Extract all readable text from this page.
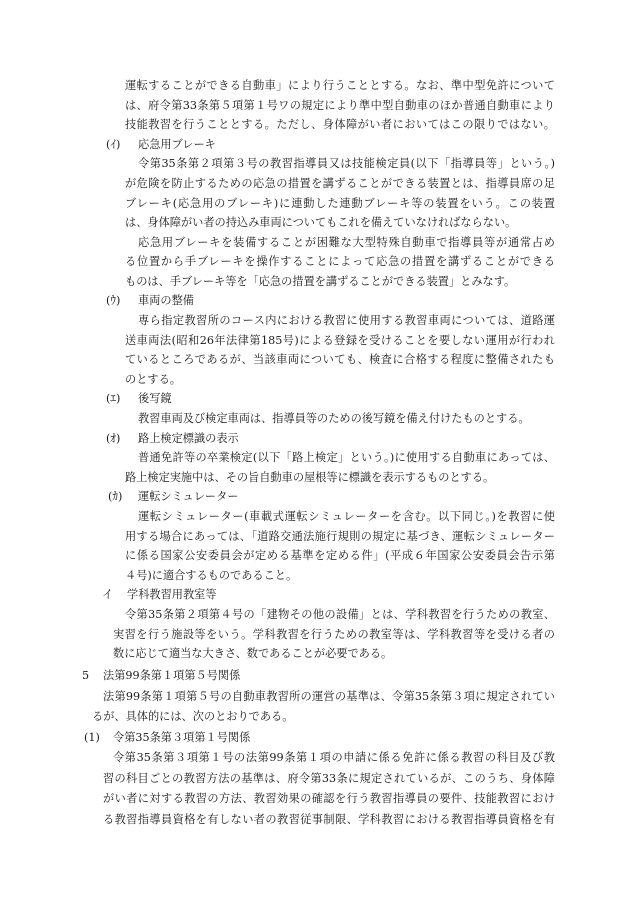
運転することができる自動車」により行うこととする。なお、準中型免許について
は、府令第33条第５項第１号ワの規定により準中型自動車のほか普通自動車により
技能教習を行うこととする。ただし、身体障がい者においてはこの限りではない。
(ｲ) 応急用ブレーキ
令第35条第２項第３号の教習指導員又は技能検定員(以下「指導員等」という。)
が危険を防止するための応急の措置を講ずることができる装置とは、指導員席の足
ブレーキ(応急用のブレーキ)に連動した連動ブレーキ等の装置をいう。この装置
は、身体障がい者の持込み車両についてもこれを備えていなければならない。
応急用ブレーキを装備することが困難な大型特殊自動車で指導員等が通常占め
る位置から手ブレーキを操作することによって応急の措置を講ずることができる
ものは、手ブレーキ等を「応急の措置を講ずることができる装置」とみなす。
(ｳ) 車両の整備
専ら指定教習所のコース内における教習に使用する教習車両については、道路運
送車両法(昭和26年法律第185号)による登録を受けることを要しない運用が行われ
ているところであるが、当該車両についても、検査に合格する程度に整備されたも
のとする。
(ｴ) 後写鏡
教習車両及び検定車両は、指導員等のための後写鏡を備え付けたものとする。
(ｵ) 路上検定標識の表示
普通免許等の卒業検定(以下「路上検定」という。)に使用する自動車にあっては、
路上検定実施中は、その旨自動車の屋根等に標識を表示するものとする。
(ｶ) 運転シミュレーター
運転シミュレーター(車載式運転シミュレーターを含む。以下同じ。)を教習に使
用する場合にあっては、「道路交通法施行規則の規定に基づき、運転シミュレーター
に係る国家公安委員会が定める基準を定める件」(平成６年国家公安委員会告示第
４号)に適合するものであること。
イ 学科教習用教室等
令第35条第２項第４号の「建物その他の設備」とは、学科教習を行うための教室、
実習を行う施設等をいう。学科教習を行うための教室等は、学科教習等を受ける者の
数に応じて適当な大きさ、数であることが必要である。
5 法第99条第１項第５号関係
法第99条第１項第５号の自動車教習所の運営の基準は、令第35条第３項に規定されてい
るが、具体的には、次のとおりである。
(1) 令第35条第３項第１号関係
令第35条第３項第１号の法第99条第１項の申請に係る免許に係る教習の科目及び教
習の科目ごとの教習方法の基準は、府令第33条に規定されているが、このうち、身体障
がい者に対する教習の方法、教習効果の確認を行う教習指導員の要件、技能教習におけ
る教習指導員資格を有しない者の教習従事制限、学科教習における教習指導員資格を有
